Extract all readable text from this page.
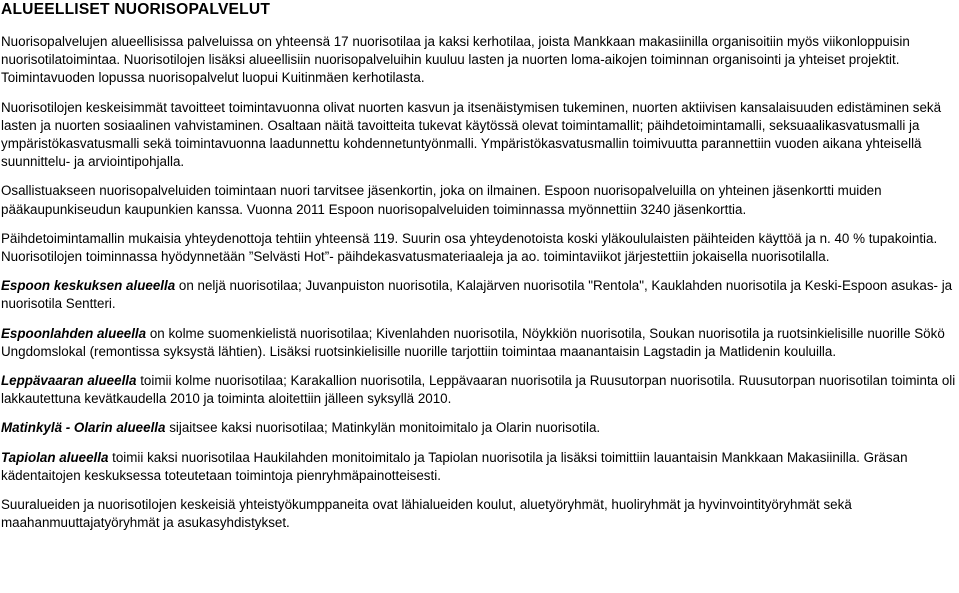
ALUEELLISET NUORISOPALVELUT

Nuorisopalvelujen alueellisissa palveluissa on yhteensä 17 nuorisotilaa ja kaksi kerhotilaa, joista Mankkaan makasiinilla organisoitiin myös viikonloppuisin nuorisotilatoimintaa. Nuorisotilojen lisäksi alueellisiin nuorisopalveluihin kuuluu lasten ja nuorten loma-aikojen toiminnan organisointi ja yhteiset projektit. Toimintavuoden lopussa nuorisopalvelut luopui Kuitinmäen kerhotilasta.

Nuorisotilojen keskeisimmät tavoitteet toimintavuonna olivat nuorten kasvun ja itsenäistymisen tukeminen, nuorten aktiivisen kansalaisuuden edistäminen sekä lasten ja nuorten sosiaalinen vahvistaminen. Osaltaan näitä tavoitteita tukevat käytössä olevat toimintamallit; päihdetoimintamalli, seksuaalikasvatusmalli ja ympäristökasvatusmalli sekä toimintavuonna laadunnettu kohdennetuntyönmalli. Ympäristökasvatusmallin toimivuutta parannettiin vuoden aikana yhteisellä suunnittelu- ja arviointipohjalla.

Osallistuakseen nuorisopalveluiden toimintaan nuori tarvitsee jäsenkortin, joka on ilmainen. Espoon nuorisopalveluilla on yhteinen jäsenkortti muiden pääkaupunkiseudun kaupunkien kanssa. Vuonna 2011 Espoon nuorisopalveluiden toiminnassa myönnettiin 3240 jäsenkorttia.

Päihdetoimintamallin mukaisia yhteydenottoja tehtiin yhteensä 119. Suurin osa yhteydenotoista koski yläkoululaisten päihteiden käyttöä ja n. 40 % tupakointia. Nuorisotilojen toiminnassa hyödynnetään ”Selvästi Hot”- päihdekasvatusmateriaaleja ja ao. toimintaviikot järjestettiin jokaisella nuorisotilalla.

Espoon keskuksen alueella on neljä nuorisotilaa; Juvanpuiston nuorisotila, Kalajärven nuorisotila "Rentola", Kauklahden nuorisotila ja Keski-Espoon asukas- ja nuorisotila Sentteri.

Espoonlahden alueella on kolme suomenkielistä nuorisotilaa; Kivenlahden nuorisotila, Nöykkiön nuorisotila, Soukan nuorisotila ja ruotsinkielisille nuorille Sökö Ungdomslokal (remontissa syksystä lähtien). Lisäksi ruotsinkielisille nuorille tarjottiin toimintaa maanantaisin Lagstadin ja Matlidenin kouluilla.

Leppävaaran alueella toimii kolme nuorisotilaa; Karakallion nuorisotila, Leppävaaran nuorisotila ja Ruusutorpan nuorisotila. Ruusutorpan nuorisotilan toiminta oli lakkautettuna kevätkaudella 2010 ja toiminta aloitettiin jälleen syksyllä 2010.

Matinkylä - Olarin alueella sijaitsee kaksi nuorisotilaa; Matinkylän monitoimitalo ja Olarin nuorisotila.

Tapiolan alueella toimii kaksi nuorisotilaa Haukilahden monitoimitalo ja Tapiolan nuorisotila ja lisäksi toimittiin lauantaisin Mankkaan Makasiinilla. Gräsan kädentaitojen keskuksessa toteutetaan toimintoja pienryhmäpainotteisesti.

Suuralueiden ja nuorisotilojen keskeisiä yhteistyökumppaneita ovat lähialueiden koulut, aluetyöryhmät, huoliryhmät ja hyvinvointityöryhmät sekä maahanmuuttajatyöryhmät ja asukasyhdistykset.
